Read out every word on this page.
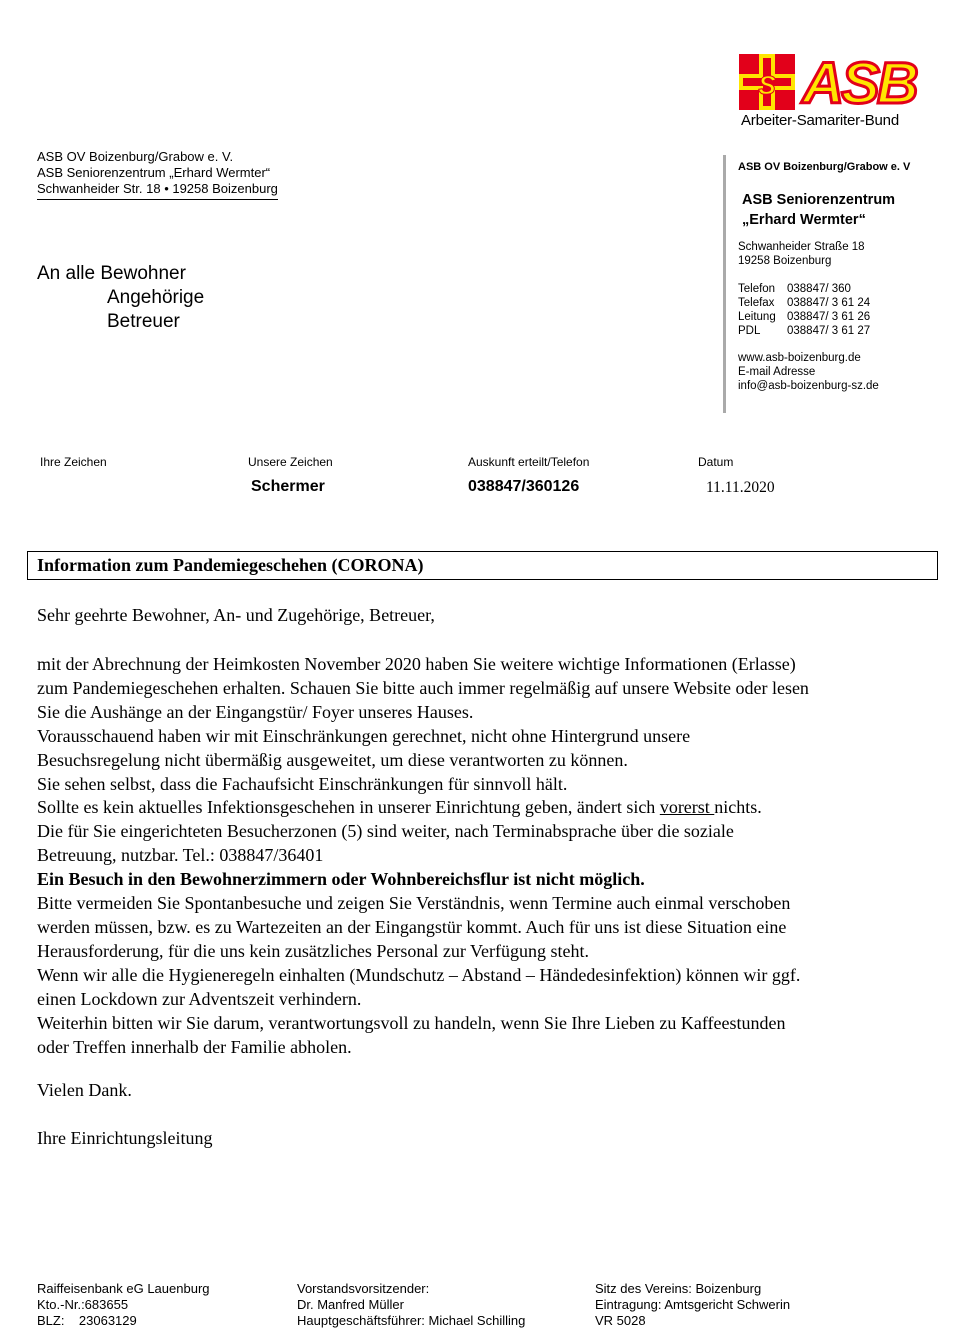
S ASB
Arbeiter-Samariter-Bund
ASB OV Boizenburg/Grabow e. V.
ASB Seniorenzentrum „Erhard Wermter“
Schwanheider Str. 18 • 19258 Boizenburg
An alle Bewohner
Angehörige
Betreuer
ASB OV Boizenburg/Grabow e. V
ASB Seniorenzentrum
„Erhard Wermter“
Schwanheider Straße 18
19258 Boizenburg
Telefon 038847/ 360
Telefax 038847/ 3 61 24
Leitung 038847/ 3 61 26
PDL 038847/ 3 61 27
www.asb-boizenburg.de
E-mail Adresse
info@asb-boizenburg-sz.de
Ihre Zeichen	Unsere Zeichen
Schermer
Auskunft erteilt/Telefon
038847/360126
Datum
11.11.2020
Information zum Pandemiegeschehen (CORONA)
Sehr geehrte Bewohner, An- und Zugehörige, Betreuer,
mit der Abrechnung der Heimkosten November 2020 haben Sie weitere wichtige Informationen (Erlasse)
zum Pandemiegeschehen erhalten. Schauen Sie bitte auch immer regelmäßig auf unsere Website oder lesen
Sie die Aushänge an der Eingangstür/ Foyer unseres Hauses.
Vorausschauend haben wir mit Einschränkungen gerechnet, nicht ohne Hintergrund unsere
Besuchsregelung nicht übermäßig ausgeweitet, um diese verantworten zu können.
Sie sehen selbst, dass die Fachaufsicht Einschränkungen für sinnvoll hält.
Sollte es kein aktuelles Infektionsgeschehen in unserer Einrichtung geben, ändert sich vorerst nichts.
Die für Sie eingerichteten Besucherzonen (5) sind weiter, nach Terminabsprache über die soziale
Betreuung, nutzbar. Tel.: 038847/36401
Ein Besuch in den Bewohnerzimmern oder Wohnbereichsflur ist nicht möglich.
Bitte vermeiden Sie Spontanbesuche und zeigen Sie Verständnis, wenn Termine auch einmal verschoben
werden müssen, bzw. es zu Wartezeiten an der Eingangstür kommt. Auch für uns ist diese Situation eine
Herausforderung, für die uns kein zusätzliches Personal zur Verfügung steht.
Wenn wir alle die Hygieneregeln einhalten (Mundschutz – Abstand – Händedesinfektion) können wir ggf.
einen Lockdown zur Adventszeit verhindern.
Weiterhin bitten wir Sie darum, verantwortungsvoll zu handeln, wenn Sie Ihre Lieben zu Kaffeestunden
oder Treffen innerhalb der Familie abholen.
Vielen Dank.
Ihre Einrichtungsleitung
Raiffeisenbank eG Lauenburg
Kto.-Nr.:683655
BLZ:    23063129
Vorstandsvorsitzender:
Dr. Manfred Müller
Hauptgeschäftsführer: Michael Schilling
Sitz des Vereins: Boizenburg
Eintragung: Amtsgericht Schwerin
VR 5028
